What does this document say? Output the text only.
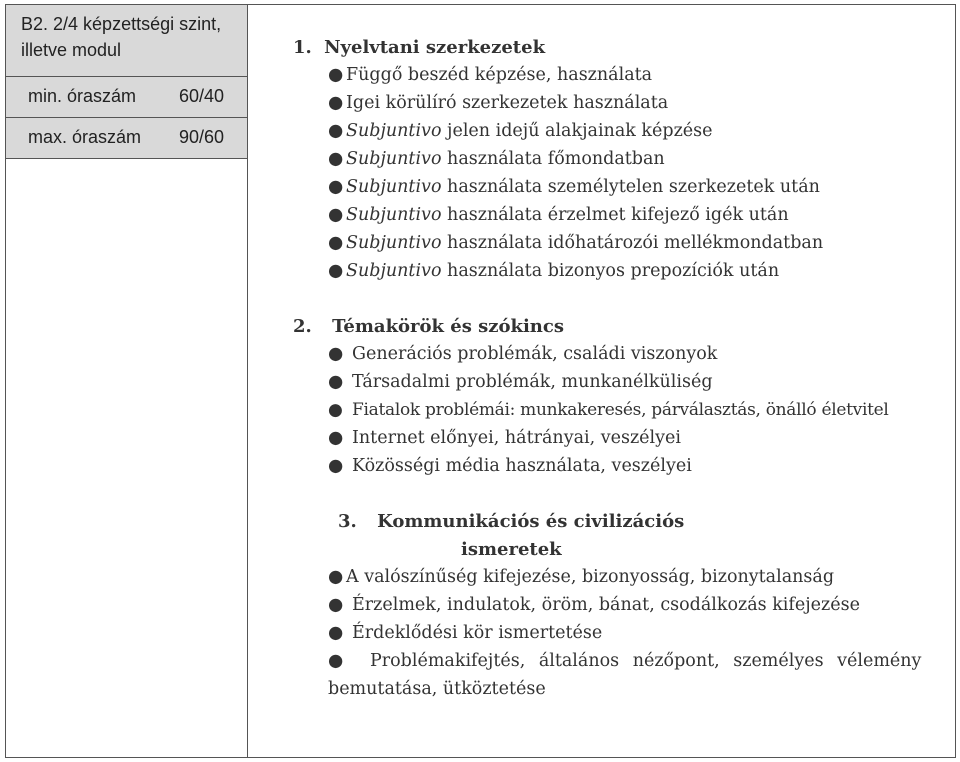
B2. 2/4 képzettségi szint, illetve modul
min. óraszám 60/40
max. óraszám 90/60
1. Nyelvtani szerkezetek
● Függő beszéd képzése, használata
● Igei körülíró szerkezetek használata
● Subjuntivo jelen idejű alakjainak képzése
● Subjuntivo használata főmondatban
● Subjuntivo használata személytelen szerkezetek után
● Subjuntivo használata érzelmet kifejező igék után
● Subjuntivo használata időhatározói mellékmondatban
● Subjuntivo használata bizonyos prepozíciók után
2. Témakörök és szókincs
● Generációs problémák, családi viszonyok
● Társadalmi problémák, munkanélküliség
● Fiatalok problémái: munkakeresés, párválasztás, önálló életvitel
● Internet előnyei, hátrányai, veszélyei
● Közösségi média használata, veszélyei
3. Kommunikációs és civilizációs
ismeretek
● A valószínűség kifejezése, bizonyosság, bizonytalanság
● Érzelmek, indulatok, öröm, bánat, csodálkozás kifejezése
● Érdeklődési kör ismertetése
● Problémakifejtés, általános nézőpont, személyes vélemény
bemutatása, ütköztetése
